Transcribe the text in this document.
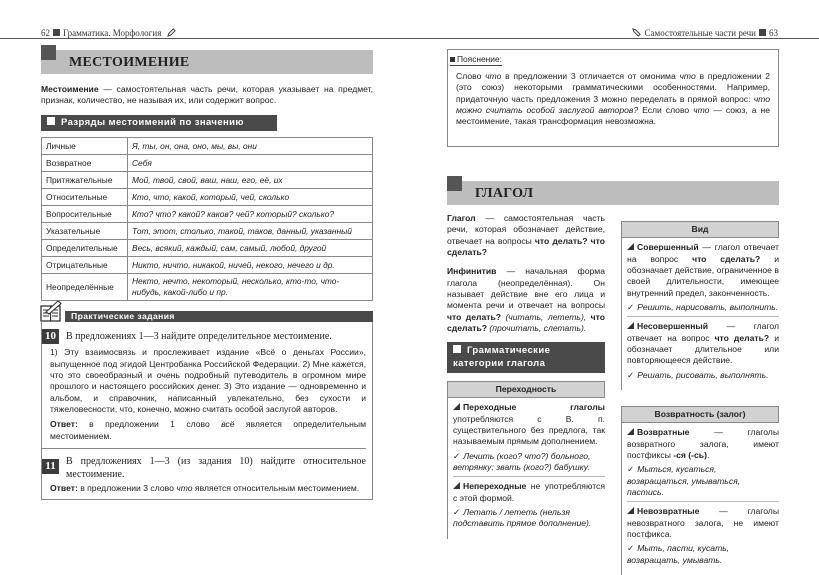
62 Грамматика. Морфология	Самостоятельные части речи 63
МЕСТОИМЕНИЕ

Местоимение — самостоятельная часть речи, которая указывает на предмет, признак, количество, не называя их, или содержит вопрос.

Разряды местоимений по значению
Личные	Я, ты, он, она, оно, мы, вы, они
Возвратное	Себя
Притяжательные	Мой, твой, свой, ваш, наш, его, её, их
Относительные	Кто, что, какой, который, чей, сколько
Вопросительные	Кто? что? какой? каков? чей? который? сколько?
Указательные	Тот, этот, столько, такой, таков, данный, указанный
Определительные	Весь, всякий, каждый, сам, самый, любой, другой
Отрицательные	Никто, ничто, никакой, ничей, некого, нечего и др.
Неопределённые	Некто, нечто, некоторый, несколько, кто-то, что-нибудь, какой-либо и пр.
Практические задания
10	В предложениях 1—3 найдите определительное местоимение.
1) Эту взаимосвязь и прослеживает издание «Всё о деньгах России», выпущенное под эгидой Центробанка Российской Федерации. 2) Мне кажется, что это своеобразный и очень подробный путеводитель в огромном мире прошлого и настоящего российских денег. 3) Это издание — одновременно и альбом, и справочник, написанный увлекательно, без сухости и тяжеловесности, что, конечно, можно считать особой заслугой авторов.
Ответ: в предложении 1 слово всё является определительным местоимением.
11	В предложениях 1—3 (из задания 10) найдите относительное местоимение.
Ответ: в предложении 3 слово что является относительным местоимением.
Пояснение:

Слово что в предложении 3 отличается от омонима что в предложении 2 (это союз) некоторыми грамматическими особенностями. Например, придаточную часть предложения 3 можно переделать в прямой вопрос: что можно считать особой заслугой авторов? Если слово что — союз, а не местоимение, такая трансформация невозможна.

ГЛАГОЛ

Глагол — самостоятельная часть речи, которая обозначает действие, отвечает на вопросы что делать? что сделать?

Инфинитив — начальная форма глагола (неопределённая). Он называет действие вне его лица и момента речи и отвечает на вопросы что делать? (читать, лететь), что сделать? (прочитать, слетать).

Грамматические категории глагола
Переходность
Переходные глаголы употребляются с В. п. существительного без предлога, так называемым прямым дополнением.
✓ Лечить (кого? что?) больного, ветрянку; звать (кого?) бабушку.
Непереходные не употребляются с этой формой.
✓ Летать / лететь (нельзя подставить прямое дополнение).
Вид
Совершенный — глагол отвечает на вопрос что сделать? и обозначает действие, ограниченное в своей длительности, имеющее внутренний предел, законченность.
✓ Решить, нарисовать, выполнить.
Несовершенный — глагол отвечает на вопрос что делать? и обозначает длительное или повторяющееся действие.
✓ Решать, рисовать, выполнять.
Возвратность (залог)
Возвратные — глаголы возвратного залога, имеют постфиксы -ся (-сь).
✓ Мыться, кусаться, возвращаться, умываться, пастись.
Невозвратные — глаголы невозвратного залога, не имеют постфикса.
✓ Мыть, пасти, кусать, возвращать, умывать.
